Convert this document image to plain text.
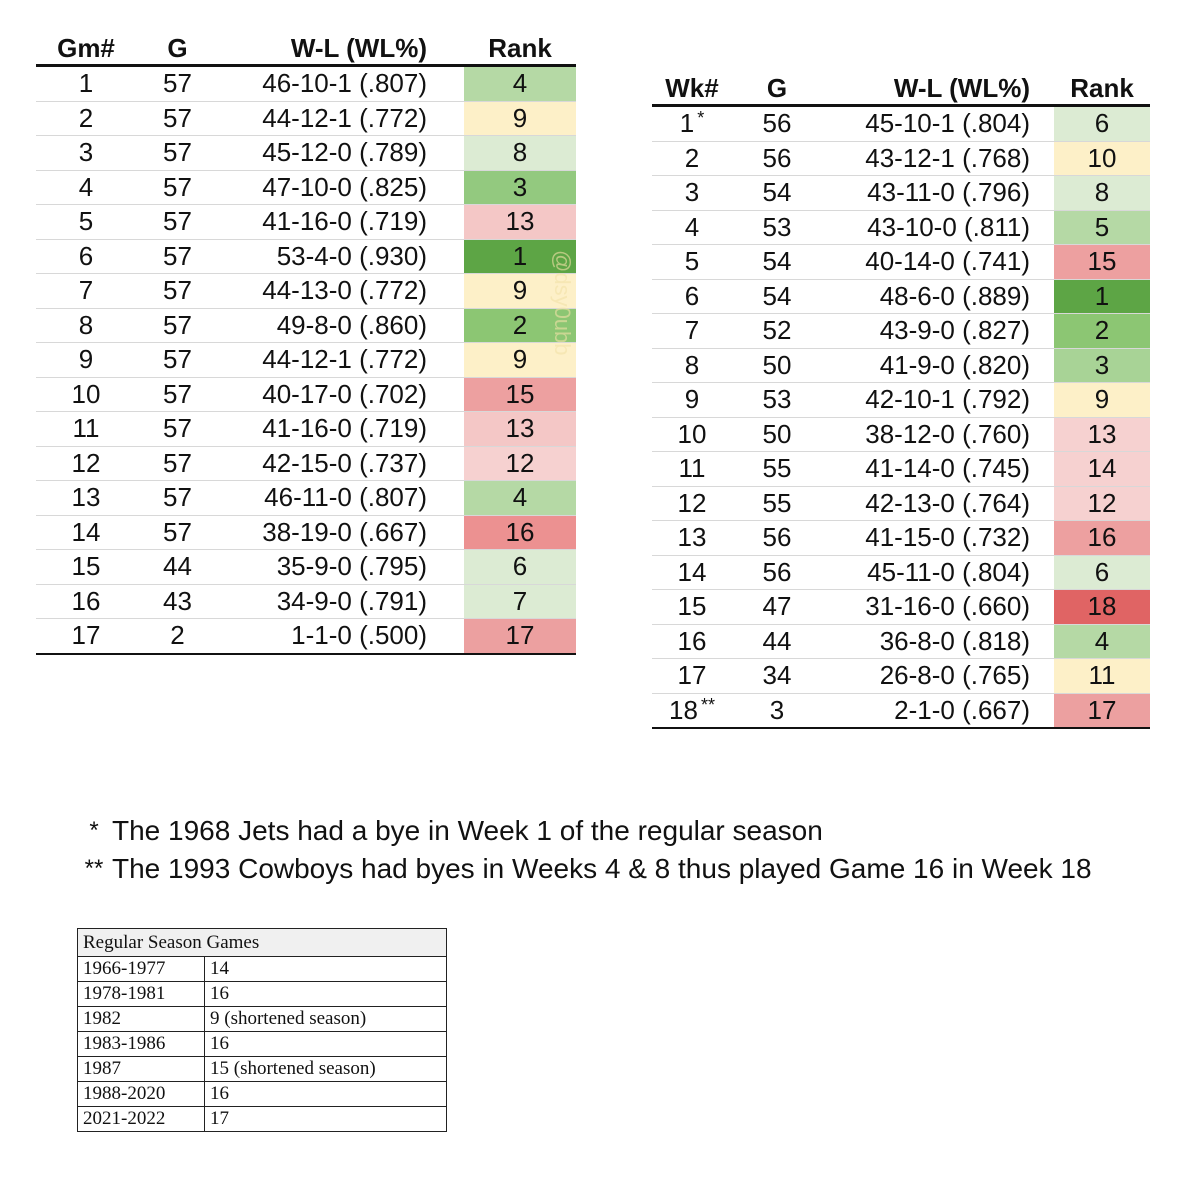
Gm#	G	W-L (WL%)	Rank
1	57	46-10-1 (.807)	4
2	57	44-12-1 (.772)	9
3	57	45-12-0 (.789)	8
4	57	47-10-0 (.825)	3
5	57	41-16-0 (.719)	13
6	57	53-4-0 (.930)	1
7	57	44-13-0 (.772)	9
8	57	49-8-0 (.860)	2
9	57	44-12-1 (.772)	9
10	57	40-17-0 (.702)	15
11	57	41-16-0 (.719)	13
12	57	42-15-0 (.737)	12
13	57	46-11-0 (.807)	4
14	57	38-19-0 (.667)	16
15	44	35-9-0 (.795)	6
16	43	34-9-0 (.791)	7
17	2	1-1-0 (.500)	17
Wk#	G	W-L (WL%)	Rank
1 *	56	45-10-1 (.804)	6
2	56	43-12-1 (.768)	10
3	54	43-11-0 (.796)	8
4	53	43-10-0 (.811)	5
5	54	40-14-0 (.741)	15
6	54	48-6-0 (.889)	1
7	52	43-9-0 (.827)	2
8	50	41-9-0 (.820)	3
9	53	42-10-1 (.792)	9
10	50	38-12-0 (.760)	13
11	55	41-14-0 (.745)	14
12	55	42-13-0 (.764)	12
13	56	41-15-0 (.732)	16
14	56	45-11-0 (.804)	6
15	47	31-16-0 (.660)	18
16	44	36-8-0 (.818)	4
17	34	26-8-0 (.765)	11
18 **	3	2-1-0 (.667)	17
@dsy0ubb
* The 1968 Jets had a bye in Week 1 of the regular season
** The 1993 Cowboys had byes in Weeks 4 & 8 thus played Game 16 in Week 18
Regular Season Games
1966-1977	14
1978-1981	16
1982	9 (shortened season)
1983-1986	16
1987	15 (shortened season)
1988-2020	16
2021-2022	17
